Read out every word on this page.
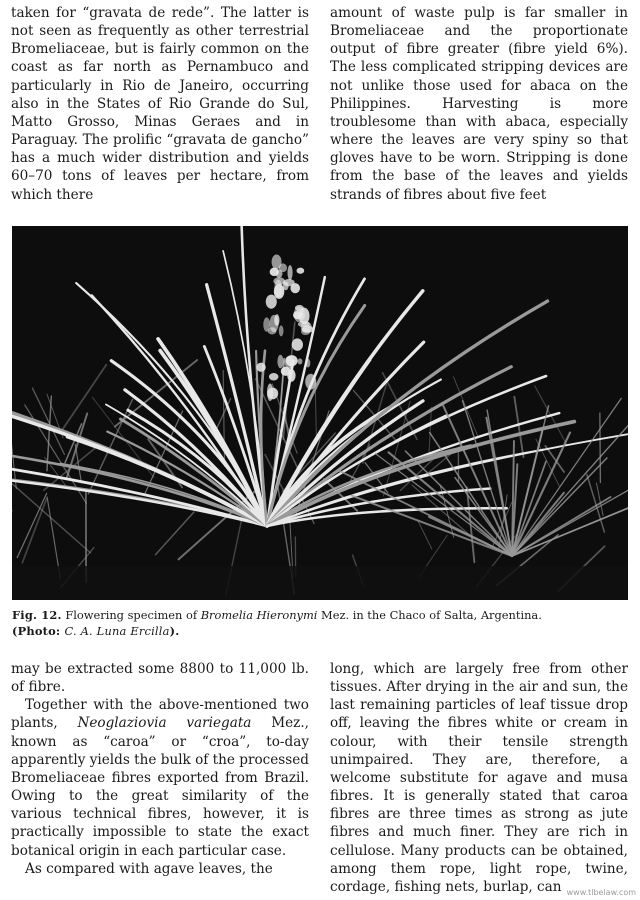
taken for “gravata de rede”. The latter is not seen as frequently as other terrestrial Bromeliaceae, but is fairly common on the coast as far north as Pernambuco and particularly in Rio de Janeiro, occurring also in the States of Rio Grande do Sul, Matto Grosso, Minas Geraes and in Paraguay. The prolific “gravata de gancho” has a much wider distribution and yields 60–70 tons of leaves per hectare, from which there

amount of waste pulp is far smaller in Bromeliaceae and the proportionate output of fibre greater (fibre yield 6%). The less complicated stripping devices are not unlike those used for abaca on the Philippines. Harvesting is more troublesome than with abaca, especially where the leaves are very spiny so that gloves have to be worn. Stripping is done from the base of the leaves and yields strands of fibres about five feet

Fig. 12. Flowering specimen of Bromelia Hieronymi Mez. in the Chaco of Salta, Argentina.
(Photo: C. A. Luna Ercilla).

may be extracted some 8800 to 11,000 lb. of fibre.

Together with the above-mentioned two plants, Neoglaziovia variegata Mez., known as “caroa” or “croa”, to-day apparently yields the bulk of the processed Bromeliaceae fibres exported from Brazil. Owing to the great similarity of the various technical fibres, however, it is practically impossible to state the exact botanical origin in each particular case.

As compared with agave leaves, the

long, which are largely free from other tissues. After drying in the air and sun, the last remaining particles of leaf tissue drop off, leaving the fibres white or cream in colour, with their tensile strength unimpaired. They are, therefore, a welcome substitute for agave and musa fibres. It is generally stated that caroa fibres are three times as strong as jute fibres and much finer. They are rich in cellulose. Many products can be obtained, among them rope, light rope, twine, cordage, fishing nets, burlap, can www.tlbelaw.com
